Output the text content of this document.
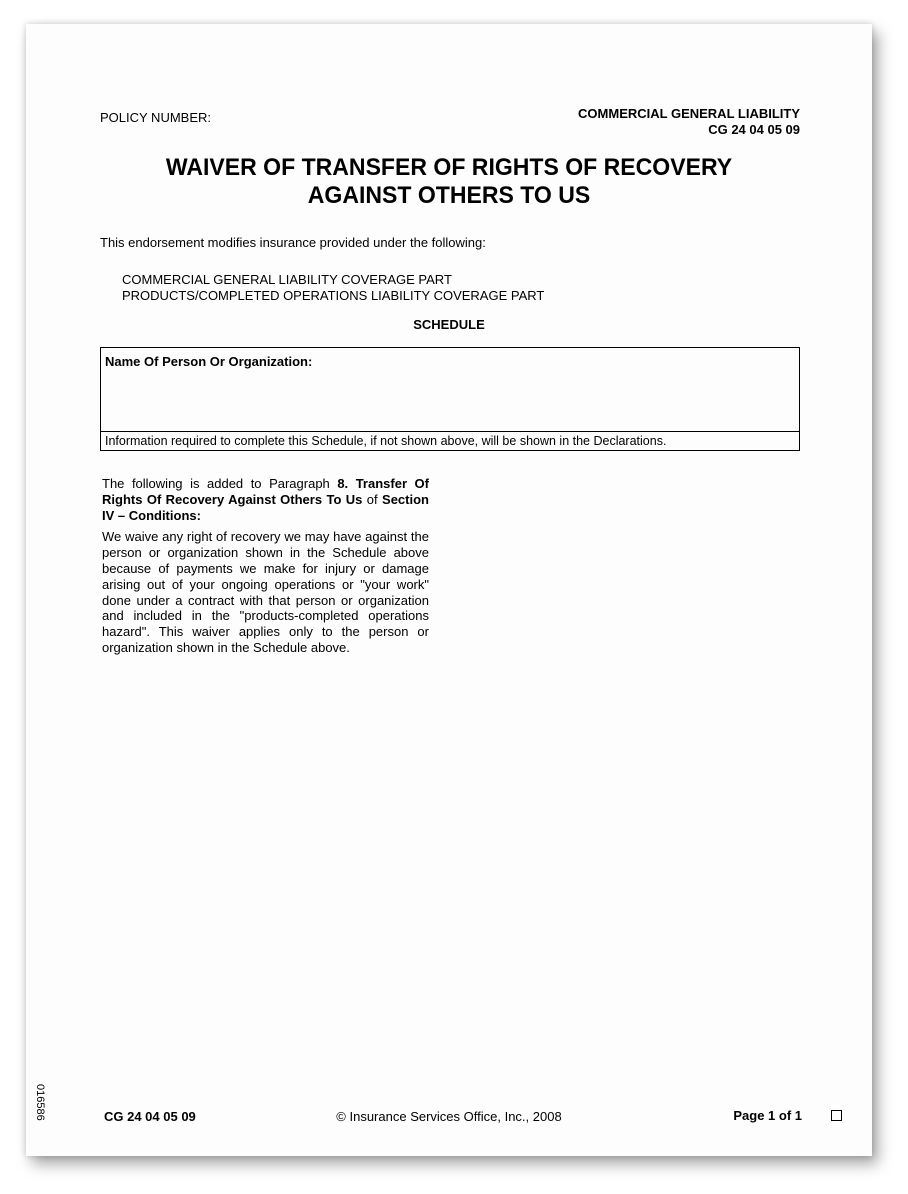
POLICY NUMBER:	COMMERCIAL GENERAL LIABILITY
CG 24 04 05 09
WAIVER OF TRANSFER OF RIGHTS OF RECOVERY
AGAINST OTHERS TO US
This endorsement modifies insurance provided under the following:
COMMERCIAL GENERAL LIABILITY COVERAGE PART
PRODUCTS/COMPLETED OPERATIONS LIABILITY COVERAGE PART
SCHEDULE
Name Of Person Or Organization:
Information required to complete this Schedule, if not shown above, will be shown in the Declarations.

The following is added to Paragraph 8. Transfer Of Rights Of Recovery Against Others To Us of Section IV – Conditions:

We waive any right of recovery we may have against the person or organization shown in the Schedule above because of payments we make for injury or damage arising out of your ongoing operations or "your work" done under a contract with that person or organization and included in the "products-completed operations hazard". This waiver applies only to the person or organization shown in the Schedule above.

016586	CG 24 04 05 09	© Insurance Services Office, Inc., 2008	Page 1 of 1
